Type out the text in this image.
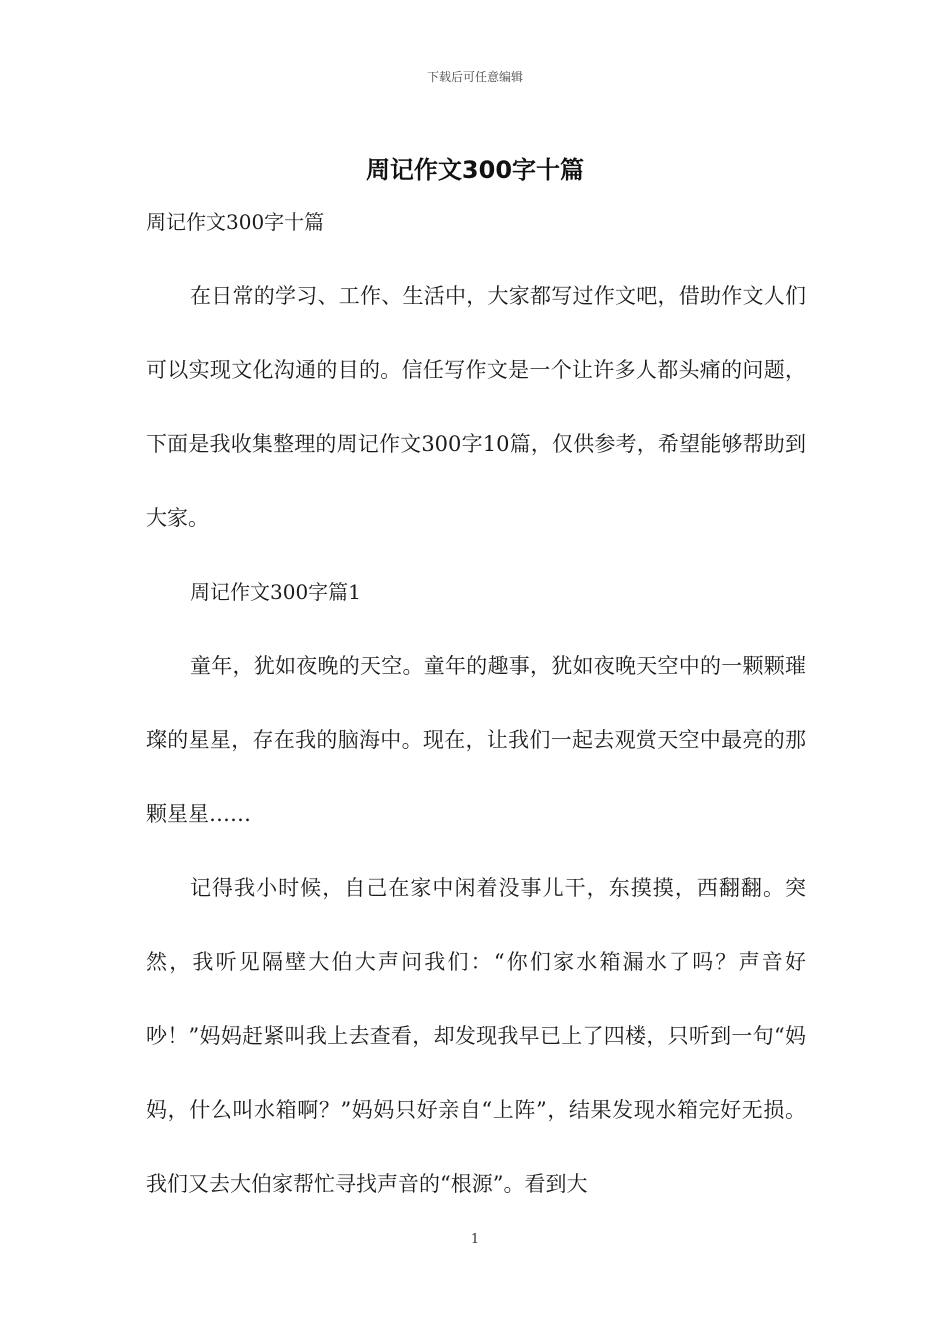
下载后可任意编辑
周记作文300字十篇

周记作文300字十篇

在日常的学习、工作、生活中，大家都写过作文吧，借助作文人们可以实现文化沟通的目的。信任写作文是一个让许多人都头痛的问题，下面是我收集整理的周记作文300字10篇，仅供参考，希望能够帮助到大家。

周记作文300字篇1

童年，犹如夜晚的天空。童年的趣事，犹如夜晚天空中的一颗颗璀璨的星星，存在我的脑海中。现在，让我们一起去观赏天空中最亮的那颗星星……

记得我小时候，自己在家中闲着没事儿干，东摸摸，西翻翻。突然，我听见隔壁大伯大声问我们：“你们家水箱漏水了吗？声音好吵！”妈妈赶紧叫我上去查看，却发现我早已上了四楼，只听到一句“妈妈，什么叫水箱啊？”妈妈只好亲自“上阵”，结果发现水箱完好无损。我们又去大伯家帮忙寻找声音的“根源”。看到大

1
